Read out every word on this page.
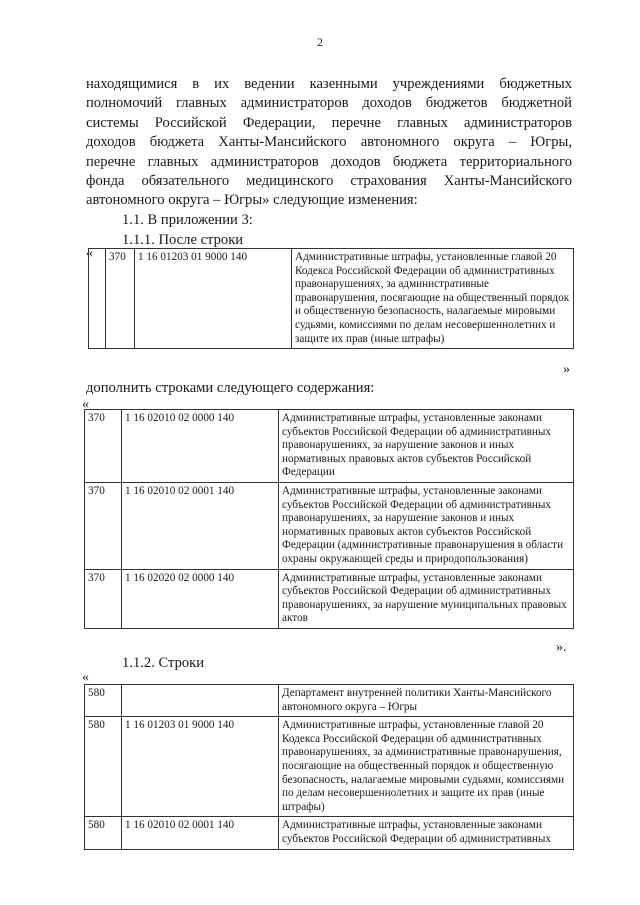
2
находящимися в их ведении казенными учреждениями бюджетных
полномочий главных администраторов доходов бюджетов бюджетной
системы Российской Федерации, перечне главных администраторов
доходов бюджета Ханты-Мансийского автономного округа – Югры,
перечне главных администраторов доходов бюджета территориального
фонда обязательного медицинского страхования Ханты-Мансийского
автономного округа – Югры» следующие изменения:
1.1. В приложении 3:
1.1.1. После строки
«
	370	1 16 01203 01 9000 140	Административные штрафы, установленные главой 20 Кодекса Российской Федерации об административных правонарушениях, за административные правонарушения, посягающие на общественный порядок и общественную безопасность, налагаемые мировыми судьями, комиссиями по делам несовершеннолетних и защите их прав (иные штрафы)
»
дополнить строками следующего содержания:
«
370	1 16 02010 02 0000 140	Административные штрафы, установленные законами субъектов Российской Федерации об административных правонарушениях, за нарушение законов и иных нормативных правовых актов субъектов Российской Федерации
370	1 16 02010 02 0001 140	Административные штрафы, установленные законами субъектов Российской Федерации об административных правонарушениях, за нарушение законов и иных нормативных правовых актов субъектов Российской Федерации (административные правонарушения в области охраны окружающей среды и природопользования)
370	1 16 02020 02 0000 140	Административные штрафы, установленные законами субъектов Российской Федерации об административных правонарушениях, за нарушение муниципальных правовых актов
».
1.1.2. Строки
«
580		Департамент внутренней политики Ханты-Мансийского автономного округа – Югры
580	1 16 01203 01 9000 140	Административные штрафы, установленные главой 20 Кодекса Российской Федерации об административных правонарушениях, за административные правонарушения, посягающие на общественный порядок и общественную безопасность, налагаемые мировыми судьями, комиссиями по делам несовершеннолетних и защите их прав (иные штрафы)
580	1 16 02010 02 0001 140	Административные штрафы, установленные законами субъектов Российской Федерации об административных
